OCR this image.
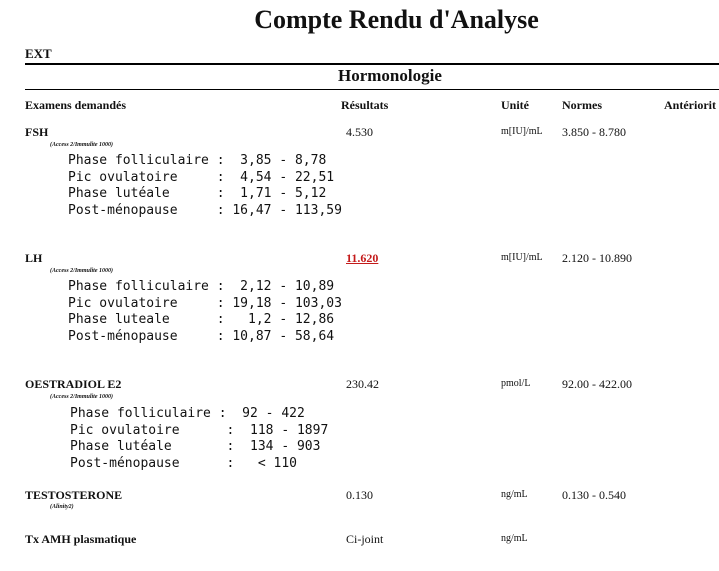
Compte Rendu d'Analyse
EXT
Hormonologie
Examens demandés	Résultats	Unité	Normes	Antériorit
FSH
(Access 2/Immulite 1000)
4.530	m[IU]/mL 3.850 - 8.780
Phase folliculaire :  3,85 - 8,78
Pic ovulatoire     :  4,54 - 22,51
Phase lutéale      :  1,71 - 5,12
Post-ménopause     : 16,47 - 113,59
LH
(Access 2/Immulite 1000)
11.620	m[IU]/mL 2.120 - 10.890
Phase folliculaire :  2,12 - 10,89
Pic ovulatoire     : 19,18 - 103,03
Phase luteale      :   1,2 - 12,86
Post-ménopause     : 10,87 - 58,64
OESTRADIOL E2
(Access 2/Immulite 1000)
230.42	pmol/L	92.00 - 422.00
Phase folliculaire :  92 - 422
Pic ovulatoire      :  118 - 1897
Phase lutéale       :  134 - 903
Post-ménopause      :   < 110
TESTOSTERONE
(Alinity2)
0.130	ng/mL	0.130 - 0.540
Tx AMH plasmatique	Ci-joint	ng/mL
